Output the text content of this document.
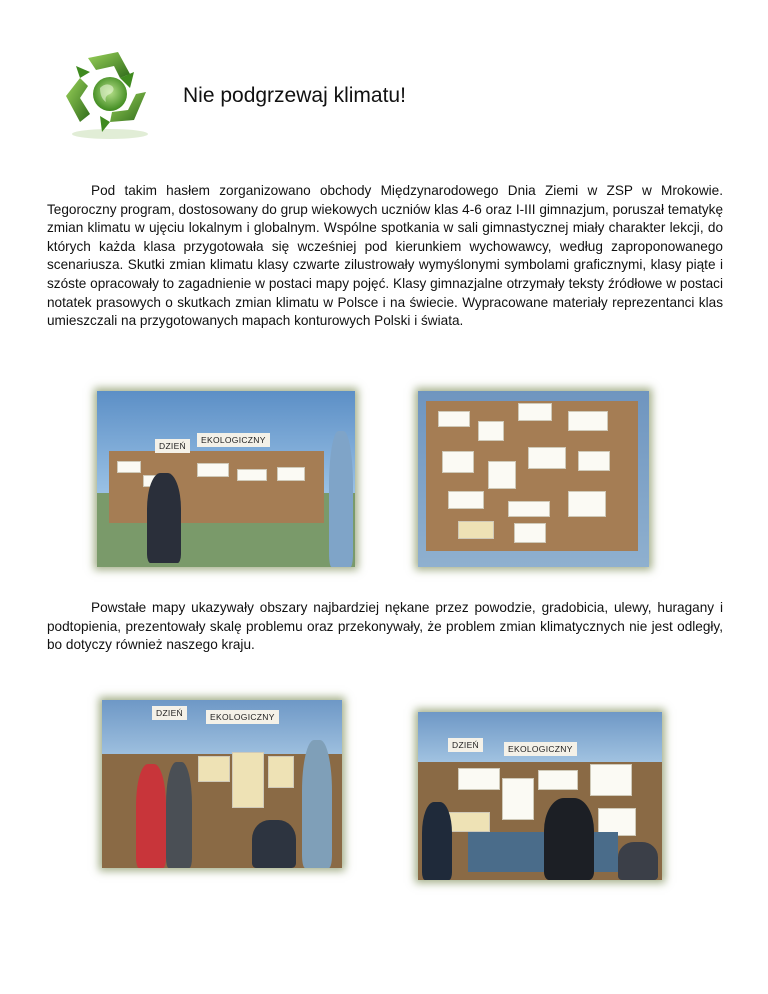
Nie podgrzewaj klimatu!

Pod takim hasłem zorganizowano obchody Międzynarodowego Dnia Ziemi w ZSP w Mrokowie. Tegoroczny program, dostosowany do grup wiekowych uczniów klas 4-6 oraz I-III gimnazjum, poruszał tematykę zmian klimatu w ujęciu lokalnym i globalnym. Wspólne spotkania w sali gimnastycznej miały charakter lekcji, do których każda klasa przygotowała się wcześniej pod kierunkiem wychowawcy, według zaproponowanego scenariusza. Skutki zmian klimatu klasy czwarte zilustrowały wymyślonymi symbolami graficznymi, klasy piąte i szóste opracowały to zagadnienie w postaci mapy pojęć. Klasy gimnazjalne otrzymały teksty źródłowe w postaci notatek prasowych o skutkach zmian klimatu w Polsce i na świecie. Wypracowane materiały reprezentanci klas umieszczali na przygotowanych mapach konturowych Polski i świata.

DZIEŃ
EKOLOGICZNY

Powstałe mapy ukazywały obszary najbardziej nękane przez powodzie, gradobicia, ulewy, huragany i podtopienia, prezentowały skalę problemu oraz przekonywały, że problem zmian klimatycznych nie jest odległy, bo dotyczy również naszego kraju.

DZIEŃ	EKOLOGICZNY
DZIEŃ	EKOLOGICZNY
